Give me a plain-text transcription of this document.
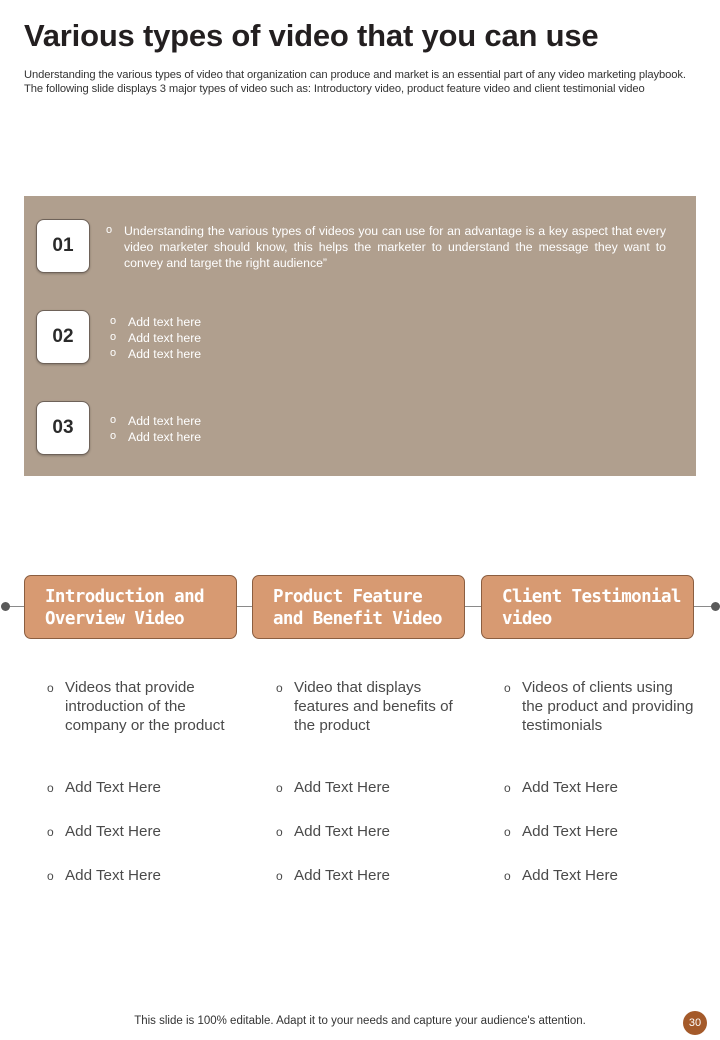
Various types of video that you can use
Understanding the various types of video that organization can produce and market is an essential part of any video marketing playbook. The following slide displays 3 major types of video such as: Introductory video, product feature video and client testimonial video
01
o Understanding the various types of videos you can use for an advantage is a key aspect that every video marketer should know, this helps the marketer to understand the message they want to convey and target the right audience”
02
o Add text here
o Add text here
o Add text here
03
o	Add text here
o Add text here
Introduction and Overview Video
Product Feature and Benefit Video
Client Testimonial video
o Videos that provide introduction of the company or the product
o Add Text Here
o Add Text Here
o Add Text Here
o Video that displays features and benefits of the product
o Add Text Here
o Add Text Here
o Add Text Here
o Videos of clients using the product and providing testimonials
o Add Text Here
o Add Text Here
o Add Text Here
This slide is 100% editable. Adapt it to your needs and capture your audience's attention.	30
